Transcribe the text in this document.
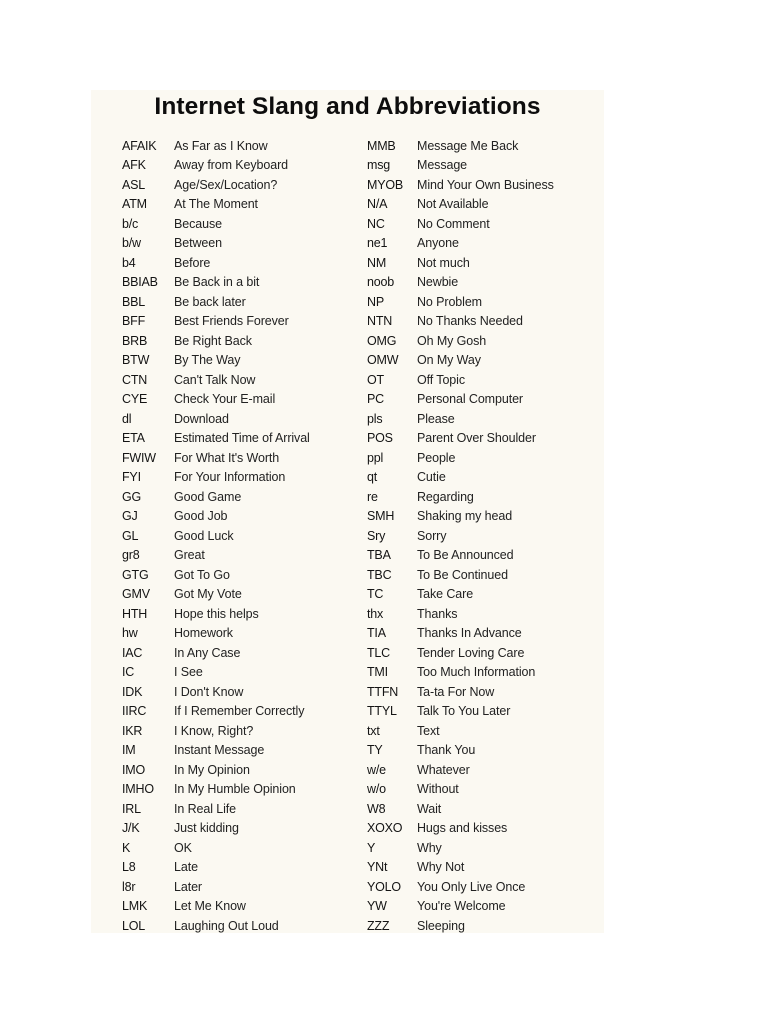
Internet Slang and Abbreviations
AFAIK	As Far as I Know
AFK	Away from Keyboard
ASL	Age/Sex/Location?
ATM	At The Moment
b/c	Because
b/w	Between
b4	Before
BBIAB	Be Back in a bit
BBL	Be back later
BFF	Best Friends Forever
BRB	Be Right Back
BTW	By The Way
CTN	Can't Talk Now
CYE	Check Your E-mail
dl	Download
ETA	Estimated Time of Arrival
FWIW	For What It's Worth
FYI	For Your Information
GG	Good Game
GJ	Good Job
GL	Good Luck
gr8	Great
GTG	Got To Go
GMV	Got My Vote
HTH	Hope this helps
hw	Homework
IAC	In Any Case
IC	I See
IDK	I Don't Know
IIRC	If I Remember Correctly
IKR	I Know, Right?
IM	Instant Message
IMO	In My Opinion
IMHO	In My Humble Opinion
IRL	In Real Life
J/K	Just kidding
K	OK
L8	Late
l8r	Later
LMK	Let Me Know
LOL	Laughing Out Loud
MMB	Message Me Back
msg	Message
MYOB	Mind Your Own Business
N/A	Not Available
NC	No Comment
ne1	Anyone
NM	Not much
noob	Newbie
NP	No Problem
NTN	No Thanks Needed
OMG	Oh My Gosh
OMW	On My Way
OT	Off Topic
PC	Personal Computer
pls	Please
POS	Parent Over Shoulder
ppl	People
qt	Cutie
re	Regarding
SMH	Shaking my head
Sry	Sorry
TBA	To Be Announced
TBC	To Be Continued
TC	Take Care
thx	Thanks
TIA	Thanks In Advance
TLC	Tender Loving Care
TMI	Too Much Information
TTFN	Ta-ta For Now
TTYL	Talk To You Later
txt	Text
TY	Thank You
w/e	Whatever
w/o	Without
W8	Wait
XOXO	Hugs and kisses
Y	Why
YNt	Why Not
YOLO	You Only Live Once
YW	You're Welcome
ZZZ	Sleeping
